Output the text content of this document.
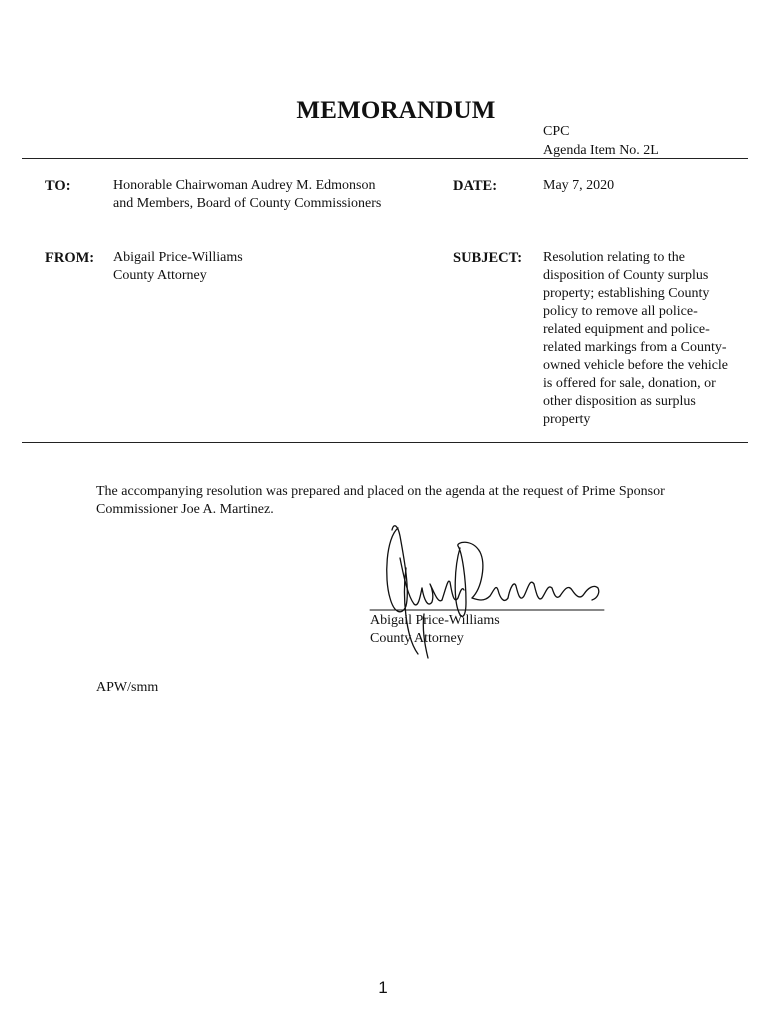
MEMORANDUM
CPC
Agenda Item No. 2L
TO:	Honorable Chairwoman Audrey M. Edmonson
and Members, Board of County Commissioners
DATE:	May 7, 2020
FROM: Abigail Price-Williams
County Attorney
SUBJECT: Resolution relating to the
disposition of County surplus
property; establishing County
policy to remove all police-
related equipment and police-
related markings from a County-
owned vehicle before the vehicle
is offered for sale, donation, or
other disposition as surplus
property
The accompanying resolution was prepared and placed on the agenda at the request of Prime Sponsor
Commissioner Joe A. Martinez.
Abigail Price-Williams
County Attorney
APW/smm
1
